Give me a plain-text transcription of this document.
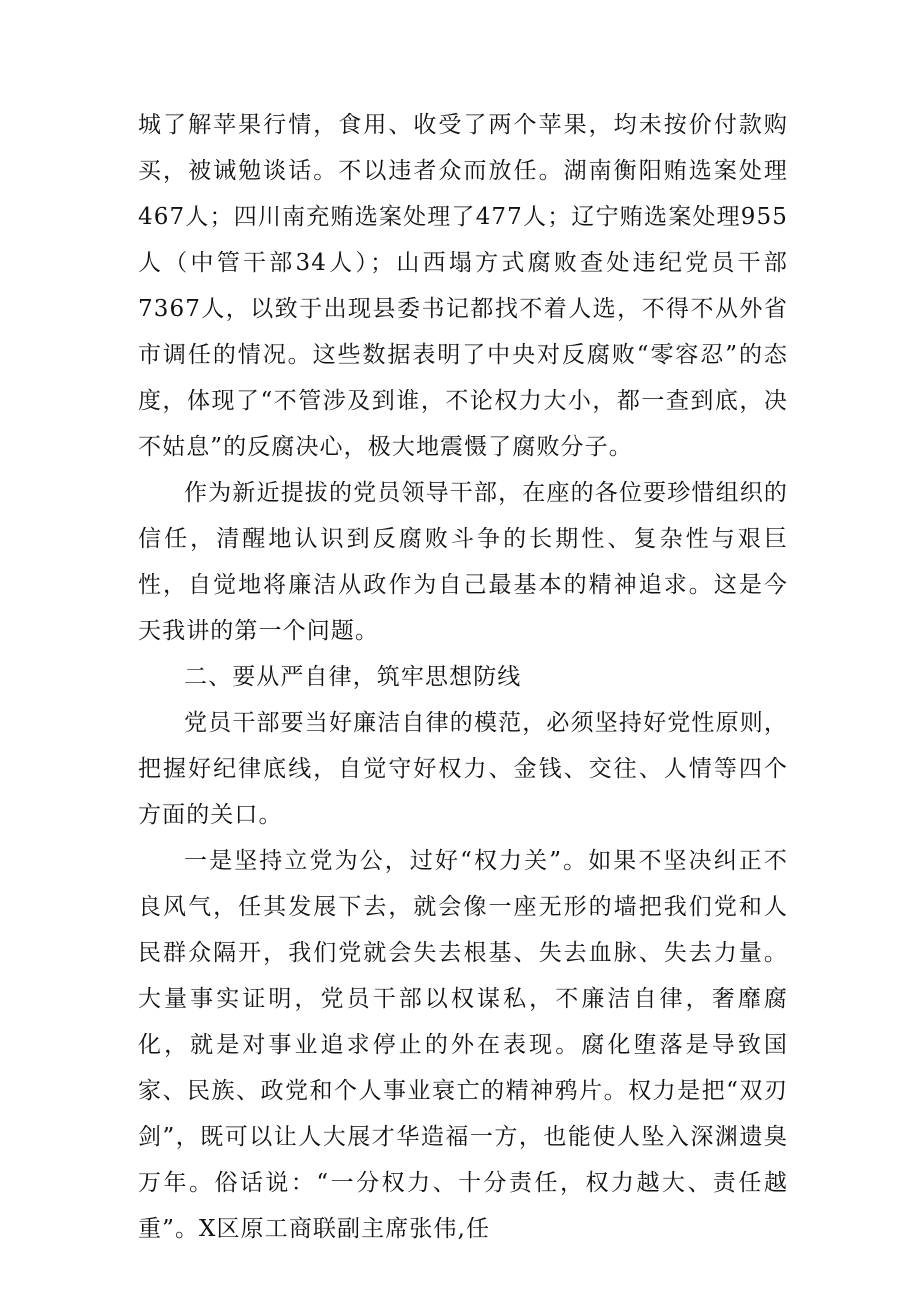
城了解苹果行情，食用、收受了两个苹果，均未按价付款购买，被诫勉谈话。不以违者众而放任。湖南衡阳贿选案处理467人；四川南充贿选案处理了477人；辽宁贿选案处理955人（中管干部34人）；山西塌方式腐败查处违纪党员干部7367人，以致于出现县委书记都找不着人选，不得不从外省市调任的情况。这些数据表明了中央对反腐败“零容忍”的态度，体现了“不管涉及到谁，不论权力大小，都一查到底，决不姑息”的反腐决心，极大地震慑了腐败分子。

作为新近提拔的党员领导干部，在座的各位要珍惜组织的信任，清醒地认识到反腐败斗争的长期性、复杂性与艰巨性，自觉地将廉洁从政作为自己最基本的精神追求。这是今天我讲的第一个问题。

二、要从严自律，筑牢思想防线

党员干部要当好廉洁自律的模范，必须坚持好党性原则，把握好纪律底线，自觉守好权力、金钱、交往、人情等四个方面的关口。

一是坚持立党为公，过好“权力关”。如果不坚决纠正不良风气，任其发展下去，就会像一座无形的墙把我们党和人民群众隔开，我们党就会失去根基、失去血脉、失去力量。大量事实证明，党员干部以权谋私，不廉洁自律，奢靡腐化，就是对事业追求停止的外在表现。腐化堕落是导致国家、民族、政党和个人事业衰亡的精神鸦片。权力是把“双刃剑”，既可以让人大展才华造福一方，也能使人坠入深渊遗臭万年。俗话说：“一分权力、十分责任，权力越大、责任越重”。X区原工商联副主席张伟,任
